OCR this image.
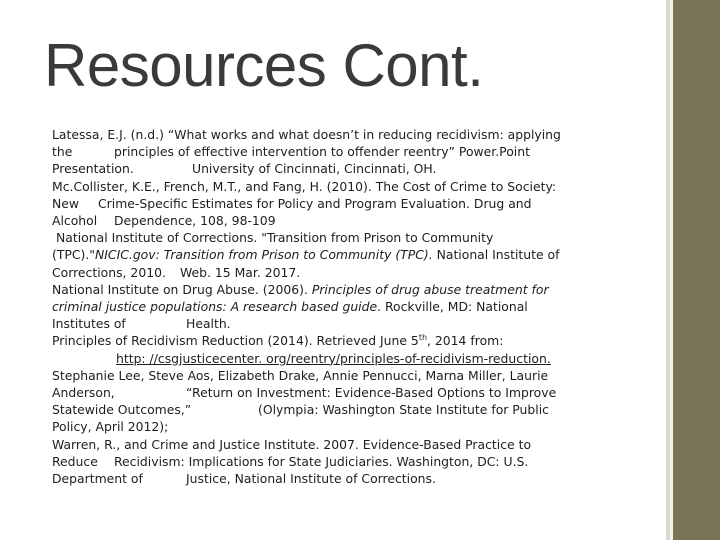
Resources Cont.

Latessa, E.J. (n.d.) “What works and what doesn’t in reducing recidivism: applying
the	principles of effective intervention to offender reentry” Power.Point
Presentation.	University of Cincinnati, Cincinnati, OH.

Mc.Collister, K.E., French, M.T., and Fang, H. (2010). The Cost of Crime to Society:
New Crime-Specific Estimates for Policy and Program Evaluation. Drug and
Alcohol Dependence, 108, 98-109

National Institute of Corrections. "Transition from Prison to Community
(TPC)."NICIC.gov: Transition from Prison to Community (TPC). National Institute of
Corrections, 2010. Web. 15 Mar. 2017.

National Institute on Drug Abuse. (2006). Principles of drug abuse treatment for
criminal justice populations: A research based guide. Rockville, MD: National
Institutes of	Health.

Principles of Recidivism Reduction (2014). Retrieved June 5th, 2014 from:
http: //csgjusticecenter. org/reentry/principles-of-recidivism-reduction.

Stephanie Lee, Steve Aos, Elizabeth Drake, Annie Pennucci, Marna Miller, Laurie
Anderson,	“Return on Investment: Evidence-Based Options to Improve
Statewide Outcomes,”	(Olympia: Washington State Institute for Public
Policy, April 2012);

Warren, R., and Crime and Justice Institute. 2007. Evidence-Based Practice to
Reduce Recidivism: Implications for State Judiciaries. Washington, DC: U.S.
Department of	Justice, National Institute of Corrections.
